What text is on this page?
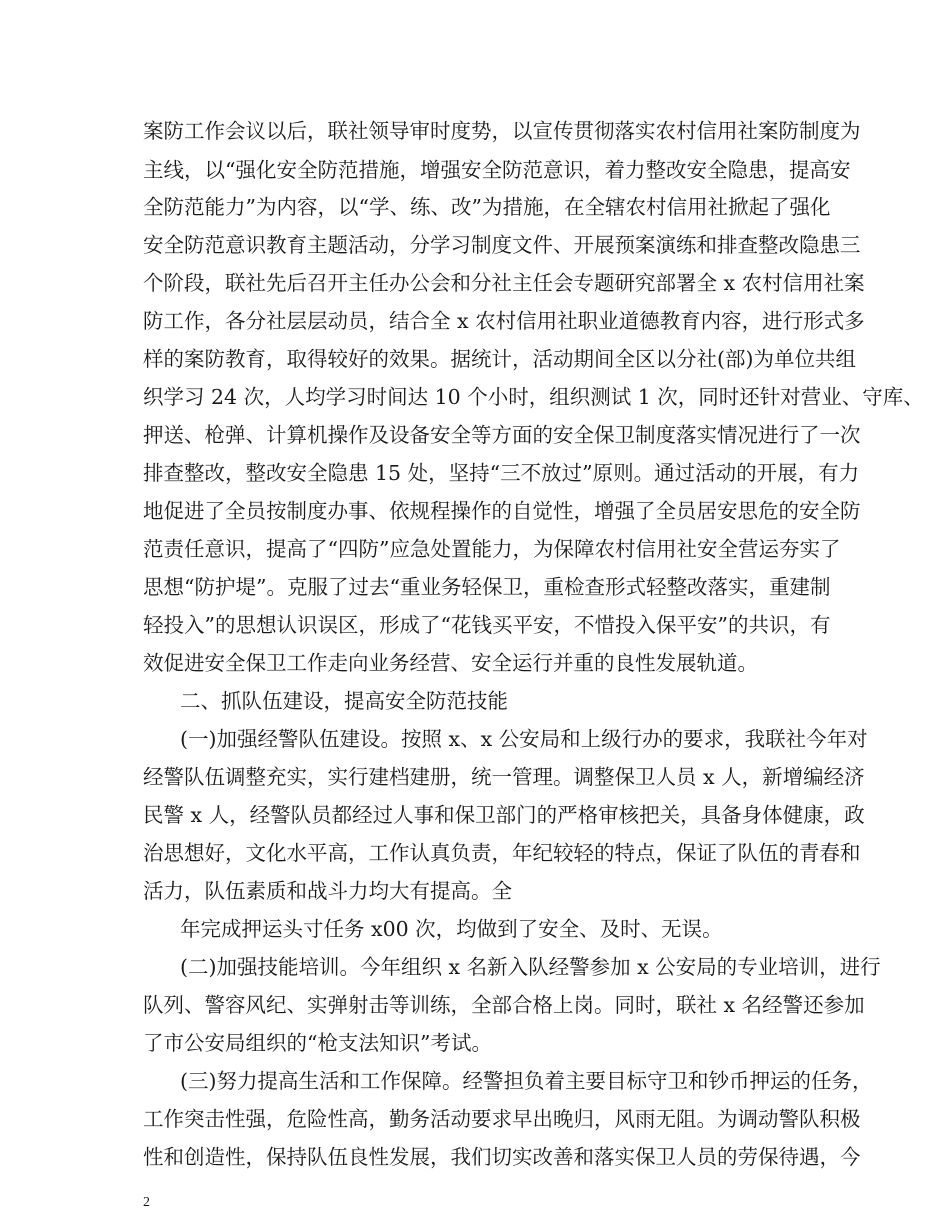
案防工作会议以后，联社领导审时度势，以宣传贯彻落实农村信用社案防制度为
主线，以“强化安全防范措施，增强安全防范意识，着力整改安全隐患，提高安
全防范能力”为内容，以“学、练、改”为措施，在全辖农村信用社掀起了强化
安全防范意识教育主题活动，分学习制度文件、开展预案演练和排查整改隐患三
个阶段，联社先后召开主任办公会和分社主任会专题研究部署全 x 农村信用社案
防工作，各分社层层动员，结合全 x 农村信用社职业道德教育内容，进行形式多
样的案防教育，取得较好的效果。据统计，活动期间全区以分社(部)为单位共组
织学习 24 次，人均学习时间达 10 个小时，组织测试 1 次，同时还针对营业、守库、
押送、枪弹、计算机操作及设备安全等方面的安全保卫制度落实情况进行了一次
排查整改，整改安全隐患 15 处，坚持“三不放过”原则。通过活动的开展，有力
地促进了全员按制度办事、依规程操作的自觉性，增强了全员居安思危的安全防
范责任意识，提高了“四防”应急处置能力，为保障农村信用社安全营运夯实了
思想“防护堤”。克服了过去“重业务轻保卫，重检查形式轻整改落实，重建制
轻投入”的思想认识误区，形成了“花钱买平安，不惜投入保平安”的共识，有
效促进安全保卫工作走向业务经营、安全运行并重的良性发展轨道。
二、抓队伍建设，提高安全防范技能
(一)加强经警队伍建设。按照 x、x 公安局和上级行办的要求，我联社今年对
经警队伍调整充实，实行建档建册，统一管理。调整保卫人员 x 人，新增编经济
民警 x 人，经警队员都经过人事和保卫部门的严格审核把关，具备身体健康，政
治思想好，文化水平高，工作认真负责，年纪较轻的特点，保证了队伍的青春和
活力，队伍素质和战斗力均大有提高。全
年完成押运头寸任务 x00 次，均做到了安全、及时、无误。
(二)加强技能培训。今年组织 x 名新入队经警参加 x 公安局的专业培训，进行
队列、警容风纪、实弹射击等训练，全部合格上岗。同时，联社 x 名经警还参加
了市公安局组织的“枪支法知识”考试。
(三)努力提高生活和工作保障。经警担负着主要目标守卫和钞币押运的任务，
工作突击性强，危险性高，勤务活动要求早出晚归，风雨无阻。为调动警队积极
性和创造性，保持队伍良性发展，我们切实改善和落实保卫人员的劳保待遇，今
2
